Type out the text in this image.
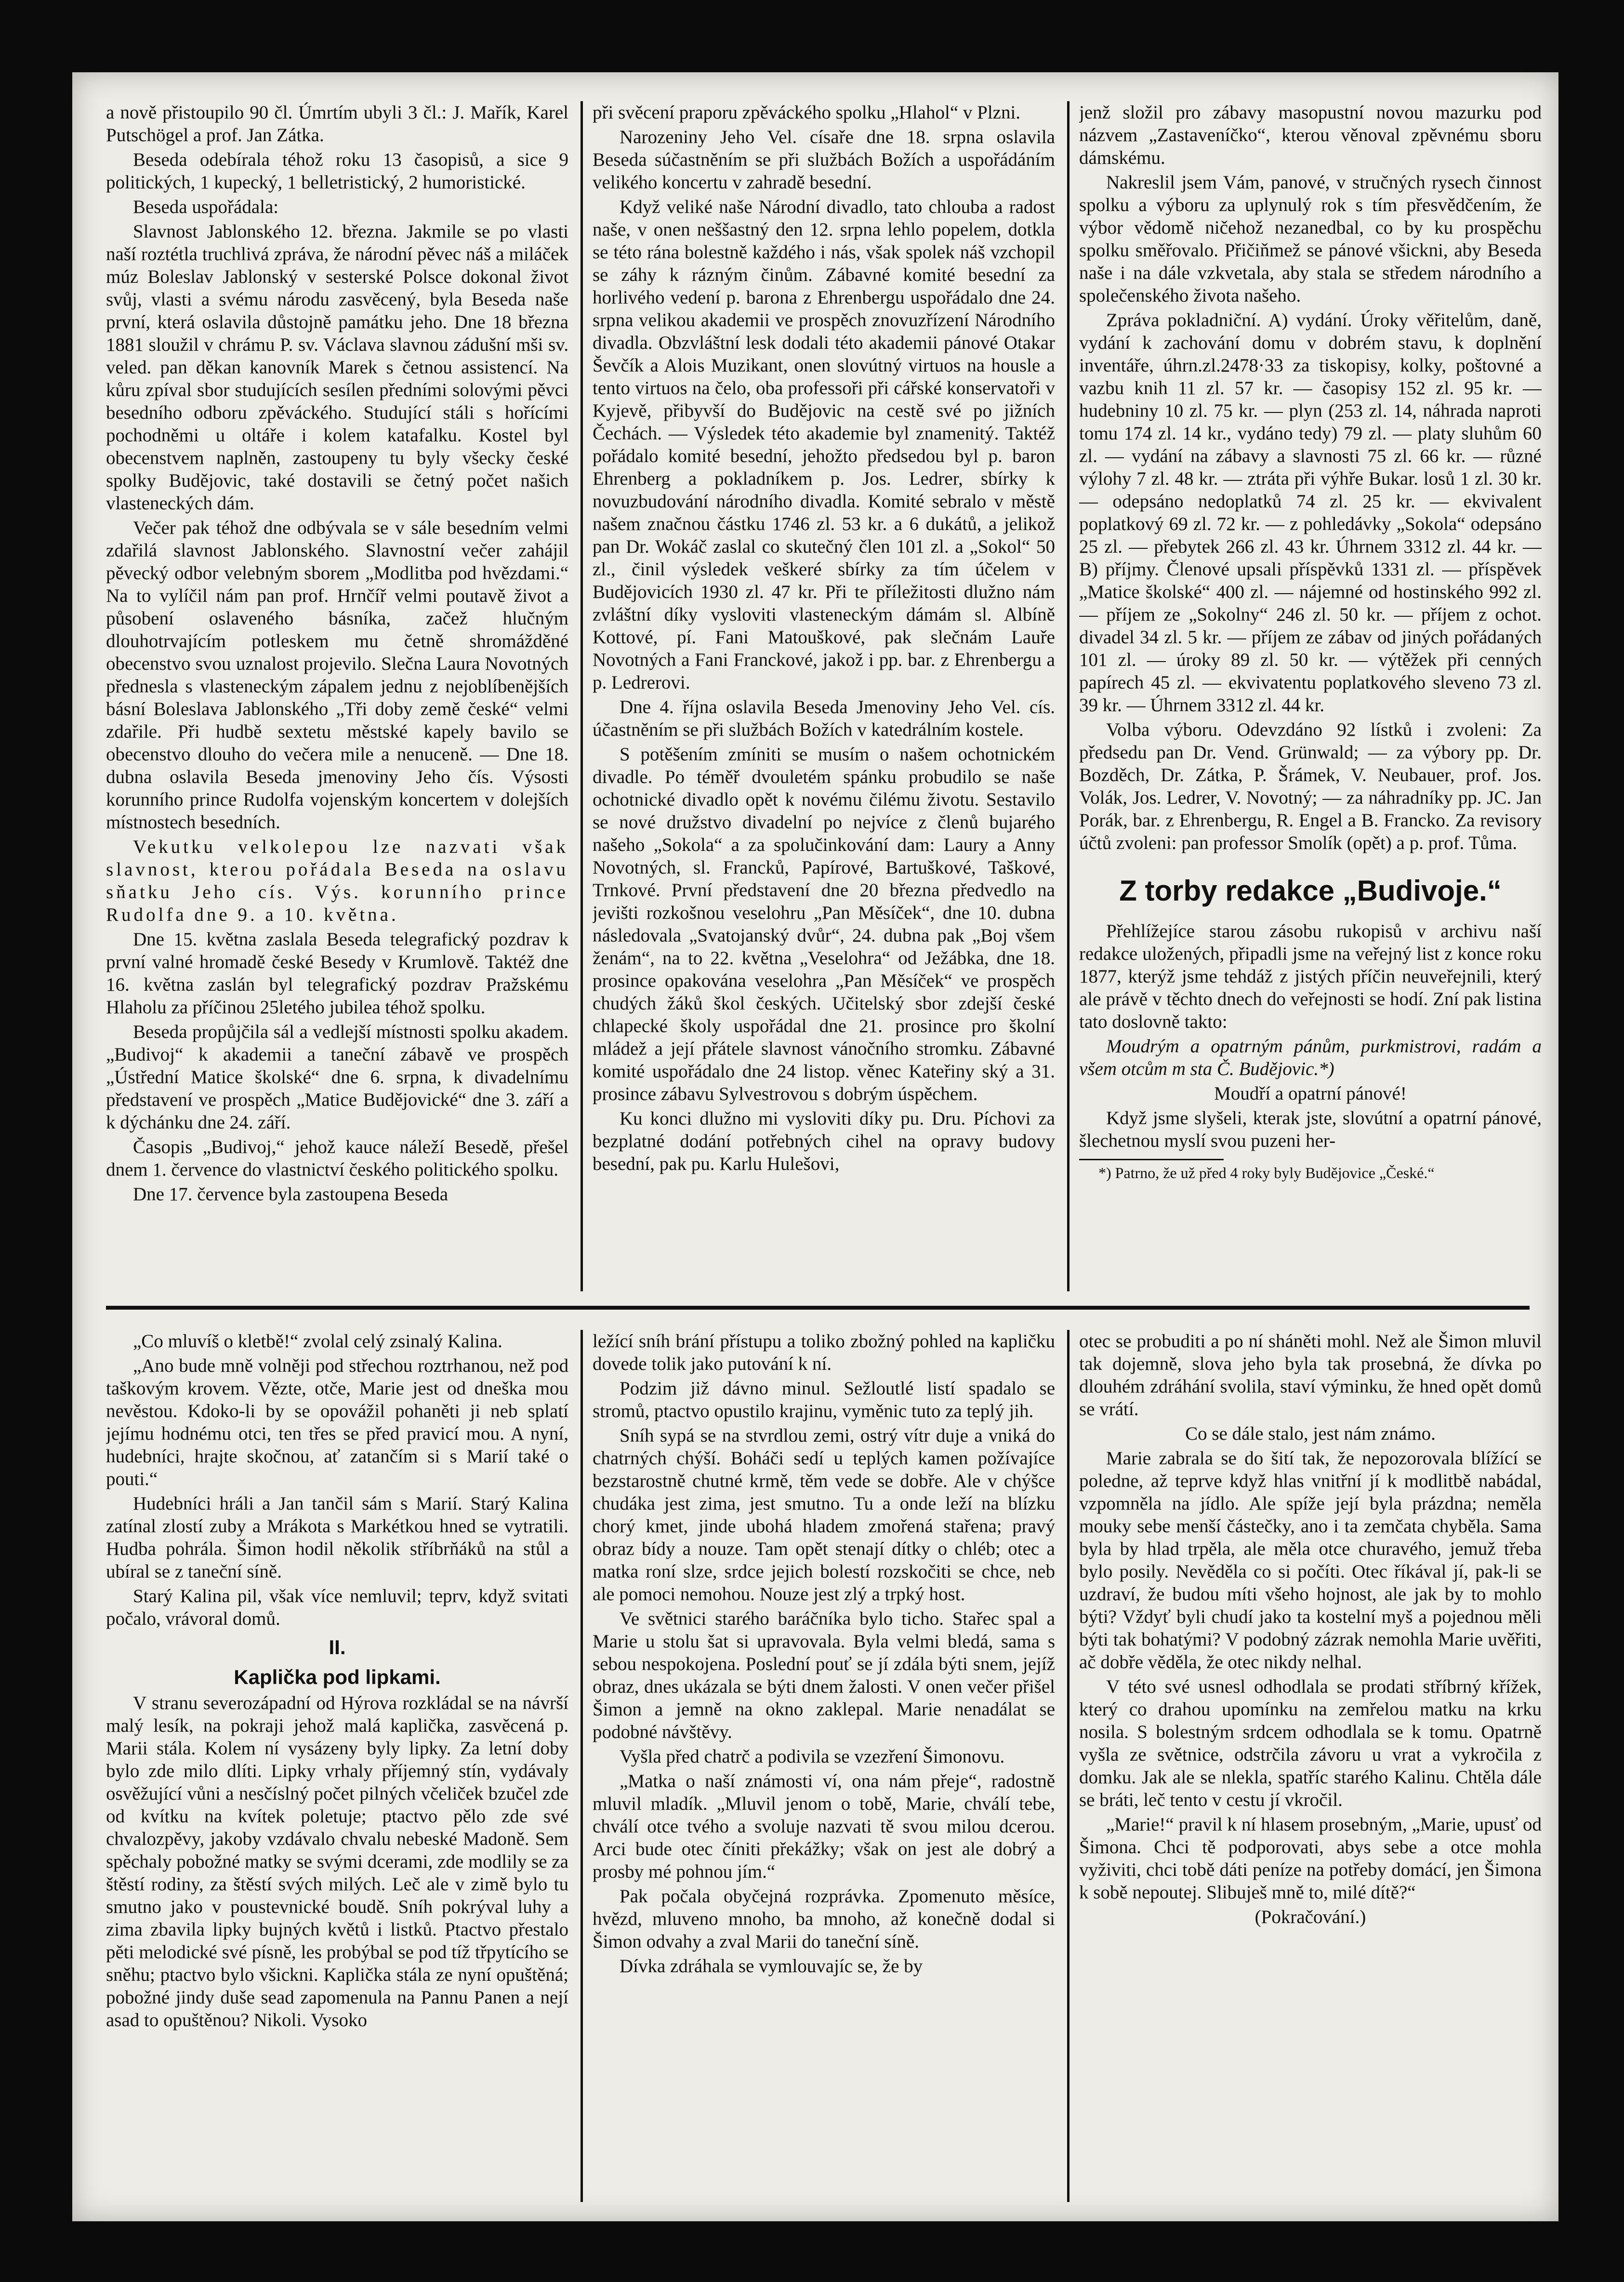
a nově přistoupilo 90 čl. Úmrtím ubyli 3 čl.: J. Mařík, Karel Putschögel a prof. Jan Zátka.

Beseda odebírala téhož roku 13 časopisů, a sice 9 politických, 1 kupecký, 1 belletristický, 2 humoristické.

Beseda uspořádala:

Slavnost Jablonského 12. března. Jakmile se po vlasti naší roztétla truchlivá zpráva, že národní pěvec náš a miláček múz Boleslav Jablonský v sesterské Polsce dokonal život svůj, vlasti a svému národu zasvěcený, byla Beseda naše první, která oslavila důstojně památku jeho. Dne 18 března 1881 sloužil v chrámu P. sv. Václava slavnou zádušní mši sv. veled. pan děkan kanovník Marek s četnou assistencí. Na kůru zpíval sbor studujících sesílen předními solovými pěvci besedního odboru zpěváckého. Studující stáli s hořícími pochodněmi u oltáře i kolem katafalku. Kostel byl obecenstvem naplněn, zastoupeny tu byly všecky české spolky Budějovic, také dostavili se četný počet našich vlasteneckých dám.

Večer pak téhož dne odbývala se v sále besedním velmi zdařilá slavnost Jablonského. Slavnostní večer zahájil pěvecký odbor velebným sborem „Modlitba pod hvězdami.“ Na to vylíčil nám pan prof. Hrnčíř velmi poutavě život a působení oslaveného básníka, začež hlučným dlouhotrvajícím potleskem mu četně shromážděné obecenstvo svou uznalost projevilo. Slečna Laura Novotných přednesla s vlasteneckým zápalem jednu z nejoblíbenějších básní Boleslava Jablonského „Tři doby země české“ velmi zdařile. Při hudbě sextetu městské kapely bavilo se obecenstvo dlouho do večera mile a nenuceně. — Dne 18. dubna oslavila Beseda jmenoviny Jeho čís. Výsosti korunního prince Rudolfa vojenským koncertem v dolejších místnostech besedních.

Vekutku velkolepou lze nazvati však slavnost, kterou pořádala Beseda na oslavu sňatku Jeho cís. Výs. korunního prince Rudolfa dne 9. a 10. května.

Dne 15. května zaslala Beseda telegrafický pozdrav k první valné hromadě české Besedy v Krumlově. Taktéž dne 16. května zaslán byl telegrafický pozdrav Pražskému Hlaholu za příčinou 25letého jubilea téhož spolku.

Beseda propůjčila sál a vedlejší místnosti spolku akadem. „Budivoj“ k akademii a taneční zábavě ve prospěch „Ústřední Matice školské“ dne 6. srpna, k divadelnímu představení ve prospěch „Matice Budějovické“ dne 3. září a k dýchánku dne 24. září.

Časopis „Budivoj,“ jehož kauce náleží Besedě, přešel dnem 1. července do vlastnictví českého politického spolku.

Dne 17. července byla zastoupena Beseda

při svěcení praporu zpěváckého spolku „Hlahol“ v Plzni.

Narozeniny Jeho Vel. císaře dne 18. srpna oslavila Beseda súčastněním se při službách Božích a uspořádáním velikého koncertu v zahradě besední.

Když veliké naše Národní divadlo, tato chlouba a radost naše, v onen neššastný den 12. srpna lehlo popelem, dotkla se této rána bolestně každého i nás, však spolek náš vzchopil se záhy k rázným činům. Zábavné komité besední za horlivého vedení p. barona z Ehrenbergu uspořádalo dne 24. srpna velikou akademii ve prospěch znovuzřízení Národního divadla. Obzvláštní lesk dodali této akademii pánové Otakar Ševčík a Alois Muzikant, onen slovútný virtuos na housle a tento virtuos na čelo, oba professoři při cářské konservatoři v Kyjevě, přibyvší do Budějovic na cestě své po jižních Čechách. — Výsledek této akademie byl znamenitý. Taktéž pořádalo komité besední, jehožto předsedou byl p. baron Ehrenberg a pokladníkem p. Jos. Ledrer, sbírky k novuzbudování národního divadla. Komité sebralo v městě našem značnou částku 1746 zl. 53 kr. a 6 dukátů, a jelikož pan Dr. Wokáč zaslal co skutečný člen 101 zl. a „Sokol“ 50 zl., činil výsledek veškeré sbírky za tím účelem v Budějovicích 1930 zl. 47 kr. Při te příležitosti dlužno nám zvláštní díky vysloviti vlasteneckým dámám sl. Albíně Kottové, pí. Fani Matouškové, pak slečnám Lauře Novotných a Fani Franckové, jakož i pp. bar. z Ehrenbergu a p. Ledrerovi.

Dne 4. října oslavila Beseda Jmenoviny Jeho Vel. cís. účastněním se při službách Božích v katedrálním kostele.

S potěšením zmíniti se musím o našem ochotnickém divadle. Po téměř dvouletém spánku probudilo se naše ochotnické divadlo opět k novému čilému životu. Sestavilo se nové družstvo divadelní po nejvíce z členů bujarého našeho „Sokola“ a za spolučinkování dam: Laury a Anny Novotných, sl. Francků, Papírové, Bartuškové, Taškové, Trnkové. První představení dne 20 března předvedlo na jevišti rozkošnou veselohru „Pan Měsíček“, dne 10. dubna následovala „Svatojanský dvůr“, 24. dubna pak „Boj všem ženám“, na to 22. května „Veselohra“ od Ježábka, dne 18. prosince opakována veselohra „Pan Měsíček“ ve prospěch chudých žáků škol českých. Učitelský sbor zdejší české chlapecké školy uspořádal dne 21. prosince pro školní mládež a její přátele slavnost vánočního stromku. Zábavné komité uspořádalo dne 24 listop. věnec Kateřiny ský a 31. prosince zábavu Sylvestrovou s dobrým úspěchem.

Ku konci dlužno mi vysloviti díky pu. Dru. Píchovi za bezplatné dodání potřebných cihel na opravy budovy besední, pak pu. Karlu Hulešovi,

jenž složil pro zábavy masopustní novou mazurku pod názvem „Zastaveníčko“, kterou věnoval zpěvnému sboru dámskému.

Nakreslil jsem Vám, panové, v stručných rysech činnost spolku a výboru za uplynulý rok s tím přesvědčením, že výbor vědomě ničehož nezanedbal, co by ku prospěchu spolku směřovalo. Přičiňmež se pánové všickni, aby Beseda naše i na dále vzkvetala, aby stala se středem národního a společenského života našeho.

Zpráva pokladniční. A) vydání. Úroky věřitelům, daně, vydání k zachování domu v dobrém stavu, k doplnění inventáře, úhrn.zl.2478·33 za tiskopisy, kolky, poštovné a vazbu knih 11 zl. 57 kr. — časopisy 152 zl. 95 kr. — hudebniny 10 zl. 75 kr. — plyn (253 zl. 14, náhrada naproti tomu 174 zl. 14 kr., vydáno tedy) 79 zl. — platy sluhům 60 zl. — vydání na zábavy a slavnosti 75 zl. 66 kr. — různé výlohy 7 zl. 48 kr. — ztráta při výhře Bukar. losů 1 zl. 30 kr. — odepsáno nedoplatků 74 zl. 25 kr. — ekvivalent poplatkový 69 zl. 72 kr. — z pohledávky „Sokola“ odepsáno 25 zl. — přebytek 266 zl. 43 kr. Úhrnem 3312 zl. 44 kr. — B) příjmy. Členové upsali příspěvků 1331 zl. — příspěvek „Matice školské“ 400 zl. — nájemné od hostinského 992 zl. — příjem ze „Sokolny“ 246 zl. 50 kr. — příjem z ochot. divadel 34 zl. 5 kr. — příjem ze zábav od jiných pořádaných 101 zl. — úroky 89 zl. 50 kr. — výtěžek při cenných papírech 45 zl. — ekvivatentu poplatkového sleveno 73 zl. 39 kr. — Úhrnem 3312 zl. 44 kr.

Volba výboru. Odevzdáno 92 lístků i zvoleni: Za předsedu pan Dr. Vend. Grünwald; — za výbory pp. Dr. Bozděch, Dr. Zátka, P. Šrámek, V. Neubauer, prof. Jos. Volák, Jos. Ledrer, V. Novotný; — za náhradníky pp. JC. Jan Porák, bar. z Ehrenbergu, R. Engel a B. Francko. Za revisory účtů zvoleni: pan professor Smolík (opět) a p. prof. Tůma.

Z torby redakce „Budivoje.“

Přehlížejíce starou zásobu rukopisů v archivu naší redakce uložených, připadli jsme na veřejný list z konce roku 1877, kterýž jsme tehdáž z jistých příčin neuveřejnili, který ale právě v těchto dnech do veřejnosti se hodí. Zní pak listina tato doslovně takto:

Moudrým a opatrným pánům, purkmistrovi, radám a všem otcům m sta Č. Budějovic.*)

Moudří a opatrní pánové!

Když jsme slyšeli, kterak jste, slovútní a opatrní pánové, šlechetnou myslí svou puzeni her-

*) Patrno, že už před 4 roky byly Budějovice „České.“

„Co mluvíš o kletbě!“ zvolal celý zsinalý Kalina.

„Ano bude mně volněji pod střechou roztrhanou, než pod taškovým krovem. Vězte, otče, Marie jest od dneška mou nevěstou. Kdoko-li by se opovážil pohaněti ji neb splatí jejímu hodnému otci, ten třes se před pravicí mou. A nyní, hudebníci, hrajte skočnou, ať zatančím si s Marií také o pouti.“

Hudebníci hráli a Jan tančil sám s Marií. Starý Kalina zatínal zlostí zuby a Mrákota s Markétkou hned se vytratili. Hudba pohrála. Šimon hodil několik stříbrňáků na stůl a ubíral se z taneční síně.

Starý Kalina pil, však více nemluvil; teprv, když svitati počalo, vrávoral domů.

II.
Kaplička pod lipkami.

V stranu severozápadní od Hýrova rozkládal se na návrší malý lesík, na pokraji jehož malá kaplička, zasvěcená p. Marii stála. Kolem ní vysázeny byly lipky. Za letní doby bylo zde milo dlíti. Lipky vrhaly příjemný stín, vydávaly osvěžující vůni a nesčíslný počet pilných včeliček bzučel zde od kvítku na kvítek poletuje; ptactvo pělo zde své chvalozpěvy, jakoby vzdávalo chvalu nebeské Madoně. Sem spěchaly pobožné matky se svými dcerami, zde modlily se za štěstí rodiny, za štěstí svých milých. Leč ale v zimě bylo tu smutno jako v poustevnické boudě. Sníh pokrýval luhy a zima zbavila lipky bujných květů i listků. Ptactvo přestalo pěti melodické své písně, les probýbal se pod tíž třpytícího se sněhu; ptactvo bylo všickni. Kaplička stála ze nyní opuštěná; pobožné jindy duše sead zapomenula na Pannu Panen a nejí asad to opuštěnou? Nikoli. Vysoko

ležící sníh brání přístupu a toliko zbožný pohled na kapličku dovede tolik jako putování k ní.

Podzim již dávno minul. Sežloutlé listí spadalo se stromů, ptactvo opustilo krajinu, vyměnic tuto za teplý jih.

Sníh sypá se na stvrdlou zemi, ostrý vítr duje a vniká do chatrných chýší. Boháči sedí u teplých kamen požívajíce bezstarostně chutné krmě, těm vede se dobře. Ale v chýšce chudáka jest zima, jest smutno. Tu a onde leží na blízku chorý kmet, jinde ubohá hladem zmořená stařena; pravý obraz bídy a nouze. Tam opět stenají dítky o chléb; otec a matka roní slze, srdce jejich bolestí rozskočiti se chce, neb ale pomoci nemohou. Nouze jest zlý a trpký host.

Ve světnici starého baráčníka bylo ticho. Stařec spal a Marie u stolu šat si upravovala. Byla velmi bledá, sama s sebou nespokojena. Poslední pouť se jí zdála býti snem, jejíž obraz, dnes ukázala se býti dnem žalosti. V onen večer přišel Šimon a jemně na okno zaklepal. Marie nenadálat se podobné návštěvy.

Vyšla před chatrč a podivila se vzezření Šimonovu.

„Matka o naší známosti ví, ona nám přeje“, radostně mluvil mladík. „Mluvil jenom o tobě, Marie, chválí tebe, chválí otce tvého a svoluje nazvati tě svou milou dcerou. Arci bude otec číniti překážky; však on jest ale dobrý a prosby mé pohnou jím.“

Pak počala obyčejná rozprávka. Zpomenuto měsíce, hvězd, mluveno mnoho, ba mnoho, až konečně dodal si Šimon odvahy a zval Marii do taneční síně.

Dívka zdráhala se vymlouvajíc se, že by

otec se probuditi a po ní sháněti mohl. Než ale Šimon mluvil tak dojemně, slova jeho byla tak prosebná, že dívka po dlouhém zdráhání svolila, staví výminku, že hned opět domů se vrátí.

Co se dále stalo, jest nám známo.

Marie zabrala se do šití tak, že nepozorovala blížící se poledne, až teprve když hlas vnitřní jí k modlitbě nabádal, vzpomněla na jídlo. Ale spíže její byla prázdna; neměla mouky sebe menší částečky, ano i ta zemčata chyběla. Sama byla by hlad trpěla, ale měla otce churavého, jemuž třeba bylo posily. Nevěděla co si počíti. Otec říkával jí, pak-li se uzdraví, že budou míti všeho hojnost, ale jak by to mohlo býti? Vždyť byli chudí jako ta kostelní myš a pojednou měli býti tak bohatými? V podobný zázrak nemohla Marie uvěřiti, ač dobře věděla, že otec nikdy nelhal.

V této své usnesl odhodlala se prodati stříbrný křížek, který co drahou upomínku na zemřelou matku na krku nosila. S bolestným srdcem odhodlala se k tomu. Opatrně vyšla ze světnice, odstrčila závoru u vrat a vykročila z domku. Jak ale se nlekla, spatříc starého Kalinu. Chtěla dále se bráti, leč tento v cestu jí vkročil.

„Marie!“ pravil k ní hlasem prosebným, „Marie, upusť od Šimona. Chci tě podporovati, abys sebe a otce mohla vyživiti, chci tobě dáti peníze na potřeby domácí, jen Šimona k sobě nepoutej. Slibuješ mně to, milé dítě?“

(Pokračování.)
